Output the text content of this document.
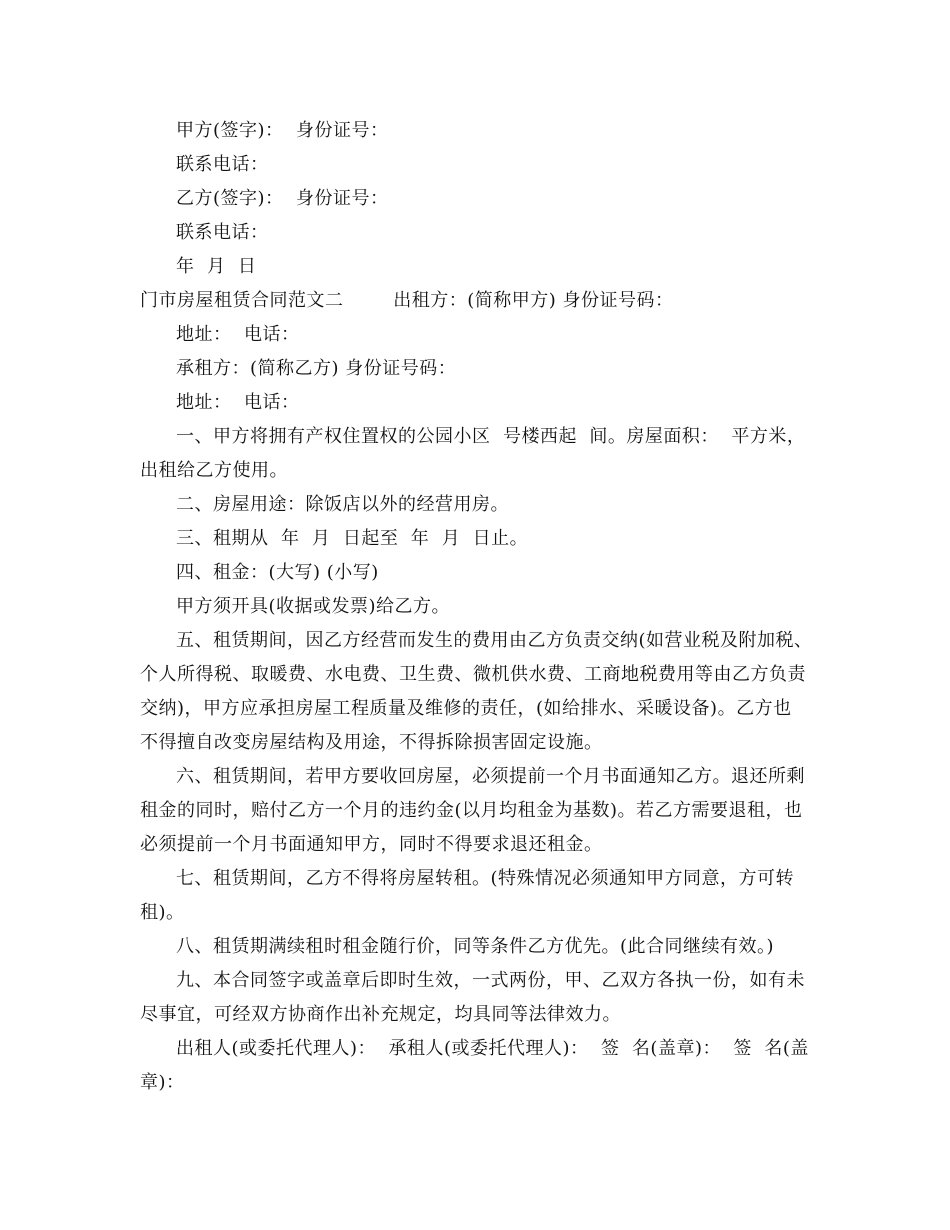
甲方(签字)：  身份证号：
联系电话：
乙方(签字)：  身份证号：
联系电话：
年  月  日
门市房屋租赁合同范文二        出租方：(简称甲方) 身份证号码：
地址：  电话：
承租方：(简称乙方) 身份证号码：
地址：  电话：
一、甲方将拥有产权住置权的公园小区  号楼西起  间。房屋面积：  平方米，
出租给乙方使用。
二、房屋用途：除饭店以外的经营用房。
三、租期从  年  月  日起至  年  月  日止。
四、租金：(大写) (小写)
甲方须开具(收据或发票)给乙方。
五、租赁期间，因乙方经营而发生的费用由乙方负责交纳(如营业税及附加税、
个人所得税、取暖费、水电费、卫生费、微机供水费、工商地税费用等由乙方负责
交纳)，甲方应承担房屋工程质量及维修的责任，(如给排水、采暖设备)。乙方也
不得擅自改变房屋结构及用途，不得拆除损害固定设施。
六、租赁期间，若甲方要收回房屋，必须提前一个月书面通知乙方。退还所剩
租金的同时，赔付乙方一个月的违约金(以月均租金为基数)。若乙方需要退租，也
必须提前一个月书面通知甲方，同时不得要求退还租金。
七、租赁期间，乙方不得将房屋转租。(特殊情况必须通知甲方同意，方可转
租)。
八、租赁期满续租时租金随行价，同等条件乙方优先。(此合同继续有效。)
九、本合同签字或盖章后即时生效，一式两份，甲、乙双方各执一份，如有未
尽事宜，可经双方协商作出补充规定，均具同等法律效力。
出租人(或委托代理人)：  承租人(或委托代理人)：  签  名(盖章)：  签  名(盖
章)：
